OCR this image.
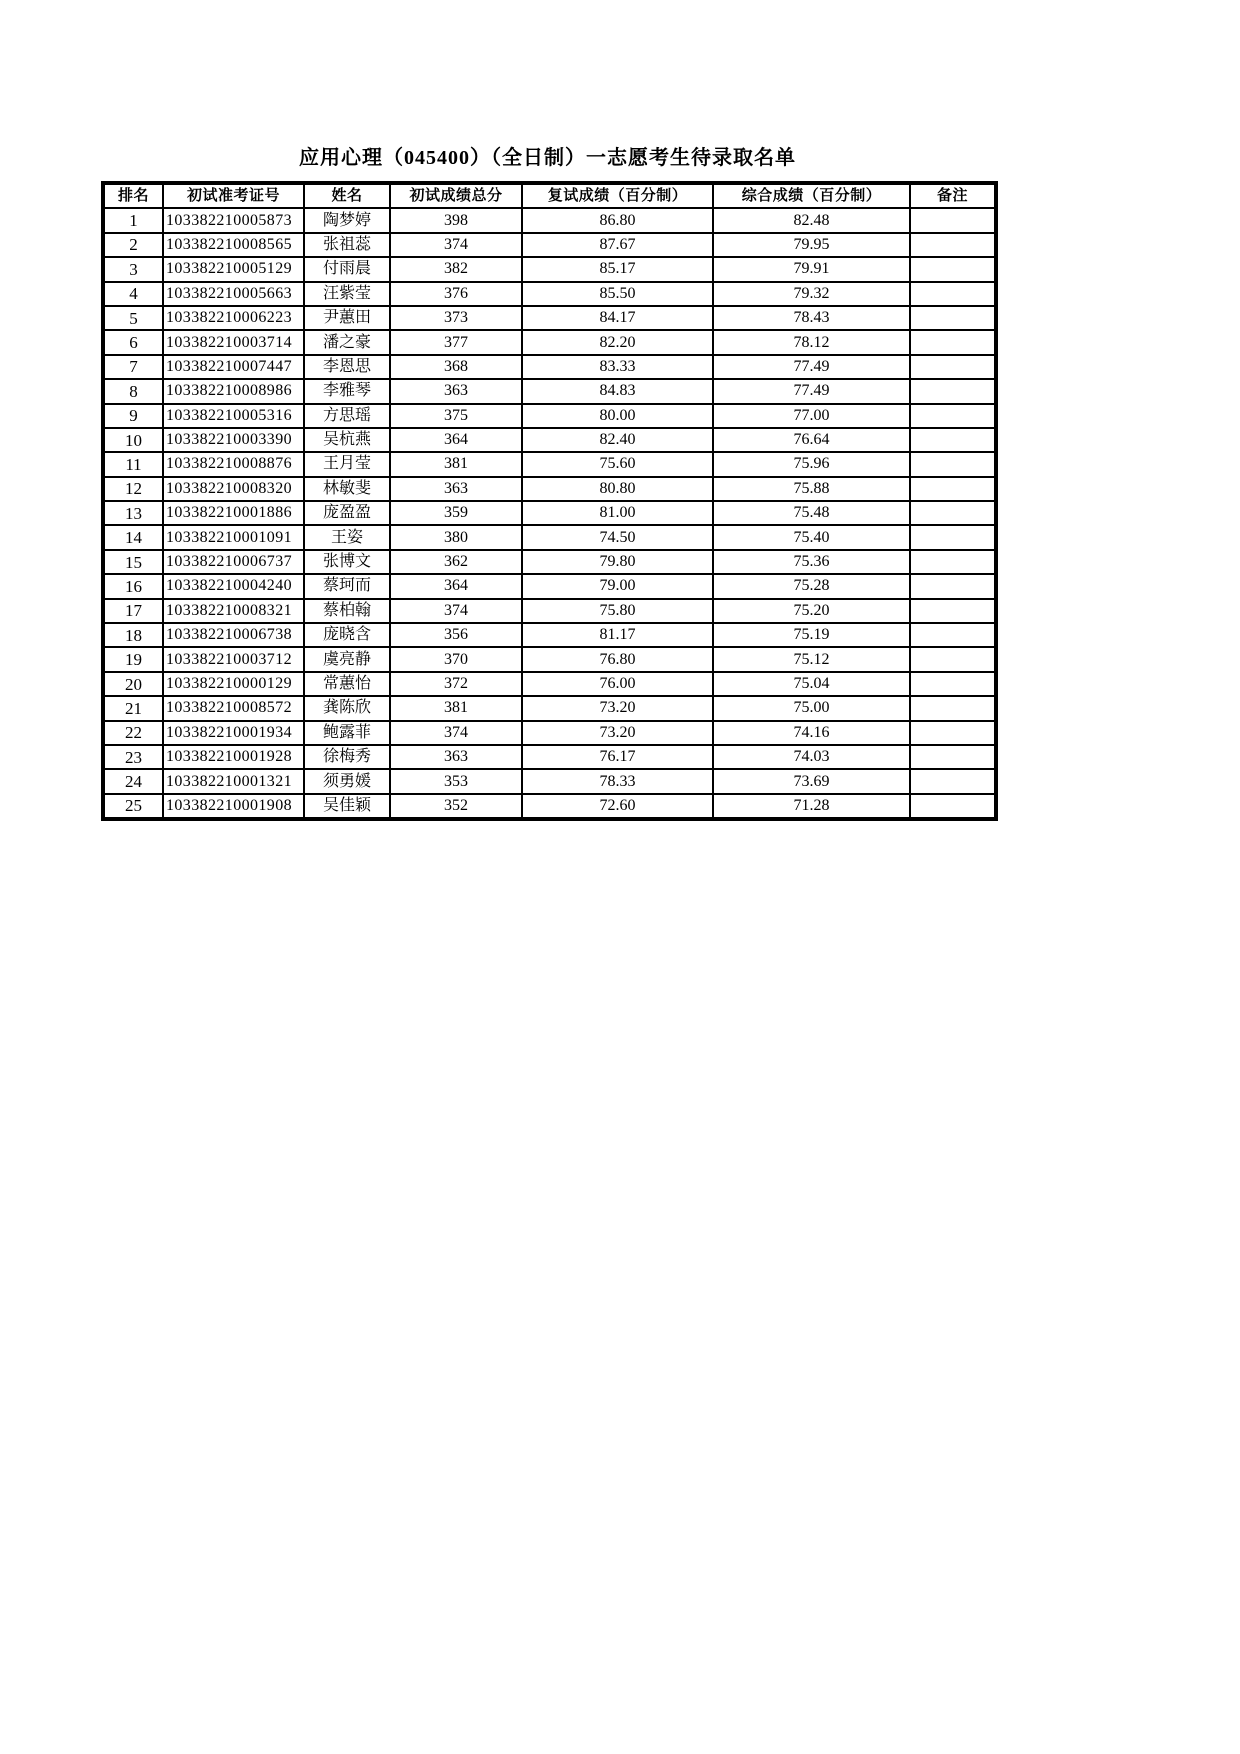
应用心理（045400）（全日制）一志愿考生待录取名单
排名	初试准考证号	姓名	初试成绩总分	复试成绩（百分制）	综合成绩（百分制）	备注
1	103382210005873	陶梦婷	398	86.80	82.48	
2	103382210008565	张祖蕊	374	87.67	79.95	
3	103382210005129	付雨晨	382	85.17	79.91	
4	103382210005663	汪紫莹	376	85.50	79.32	
5	103382210006223	尹蕙田	373	84.17	78.43	
6	103382210003714	潘之豪	377	82.20	78.12	
7	103382210007447	李恩思	368	83.33	77.49	
8	103382210008986	李雅琴	363	84.83	77.49	
9	103382210005316	方思瑶	375	80.00	77.00	
10	103382210003390	吴杭燕	364	82.40	76.64	
11	103382210008876	王月莹	381	75.60	75.96	
12	103382210008320	林敏斐	363	80.80	75.88	
13	103382210001886	庞盈盈	359	81.00	75.48	
14	103382210001091	王姿	380	74.50	75.40	
15	103382210006737	张博文	362	79.80	75.36	
16	103382210004240	蔡珂而	364	79.00	75.28	
17	103382210008321	蔡柏翰	374	75.80	75.20	
18	103382210006738	庞晓含	356	81.17	75.19	
19	103382210003712	虞亮静	370	76.80	75.12	
20	103382210000129	常蕙怡	372	76.00	75.04	
21	103382210008572	龚陈欣	381	73.20	75.00	
22	103382210001934	鲍露菲	374	73.20	74.16	
23	103382210001928	徐梅秀	363	76.17	74.03	
24	103382210001321	须勇媛	353	78.33	73.69	
25	103382210001908	吴佳颖	352	72.60	71.28	
